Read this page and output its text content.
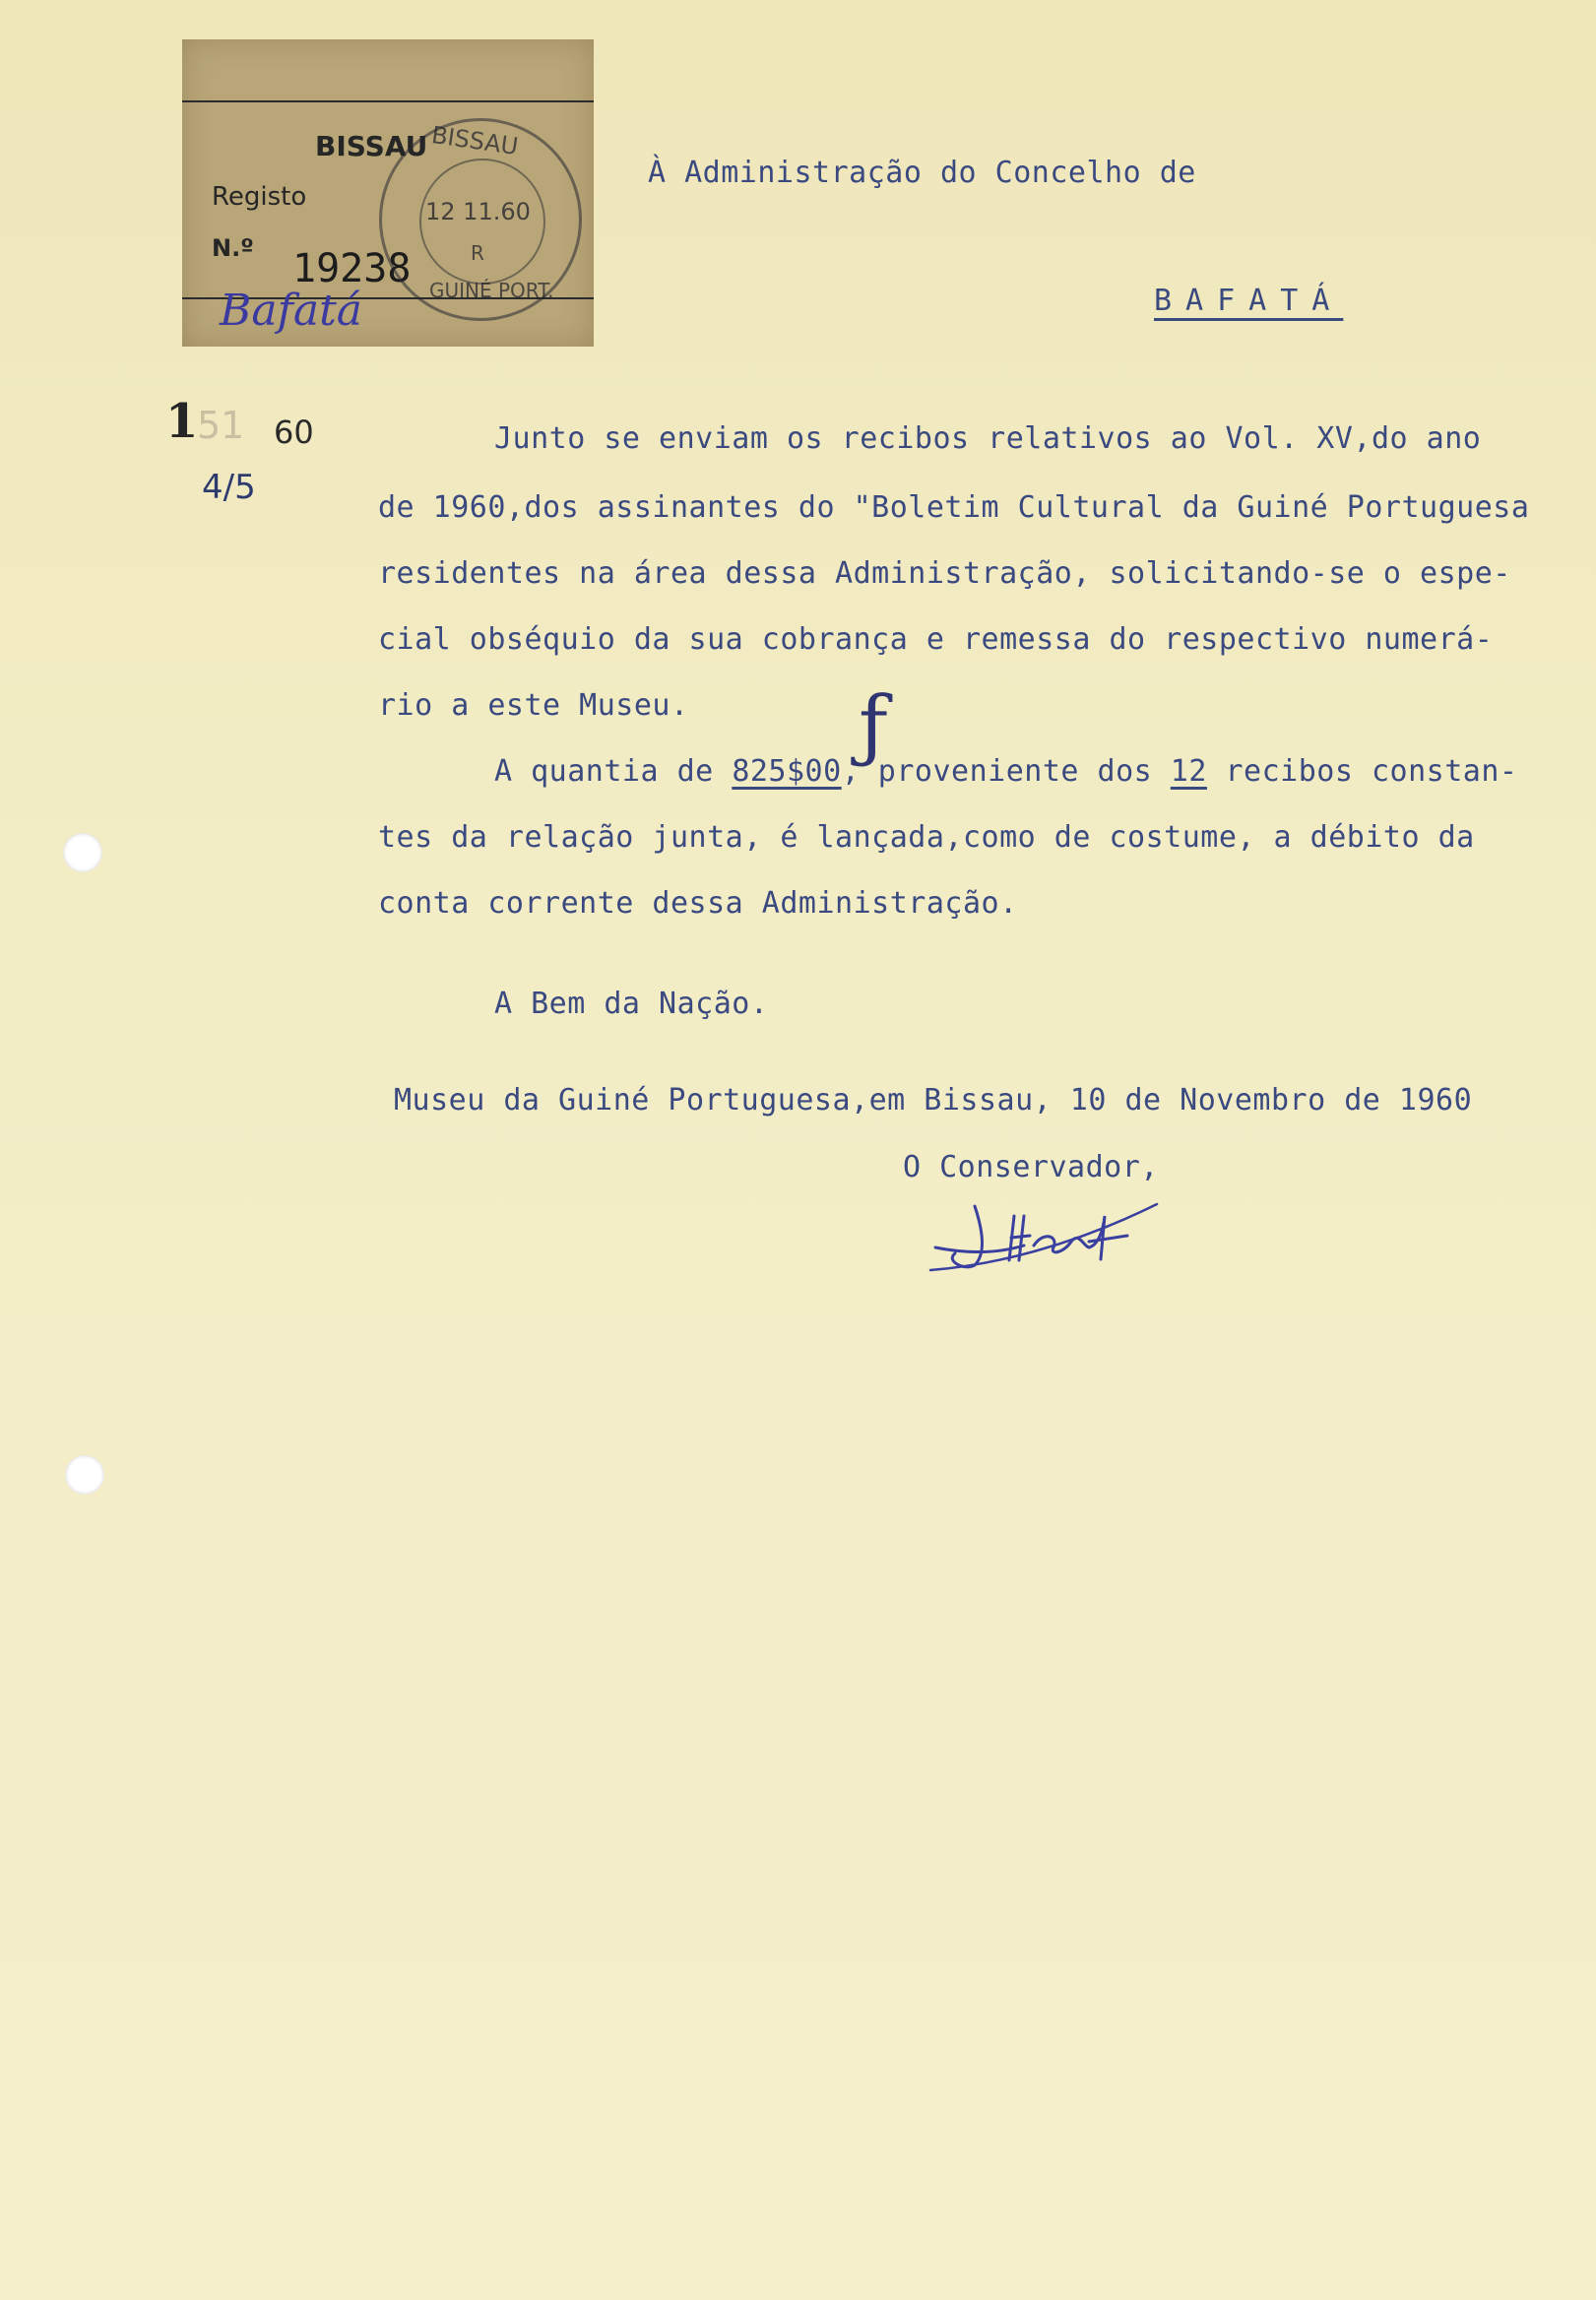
BISSAU
Registo
N.º 19238
Bafatá
BISSAU
12 11.60
R
GUINÉ PORT.
1
51 60
4/5
À Administração do Concelho de
BAFATÁ
Junto se enviam os recibos relativos ao Vol. XV,do ano
de 1960,dos assinantes do "Boletim Cultural da Guiné Portuguesa
residentes na área dessa Administração, solicitando-se o espe-
cial obséquio da sua cobrança e remessa do respectivo numerá-
rio a este Museu. ƒ
A quantia de 825$00, proveniente dos 12 recibos constan-
tes da relação junta, é lançada,como de costume, a débito da
conta corrente dessa Administração.
A Bem da Nação.
Museu da Guiné Portuguesa,em Bissau, 10 de Novembro de 1960
O Conservador,
